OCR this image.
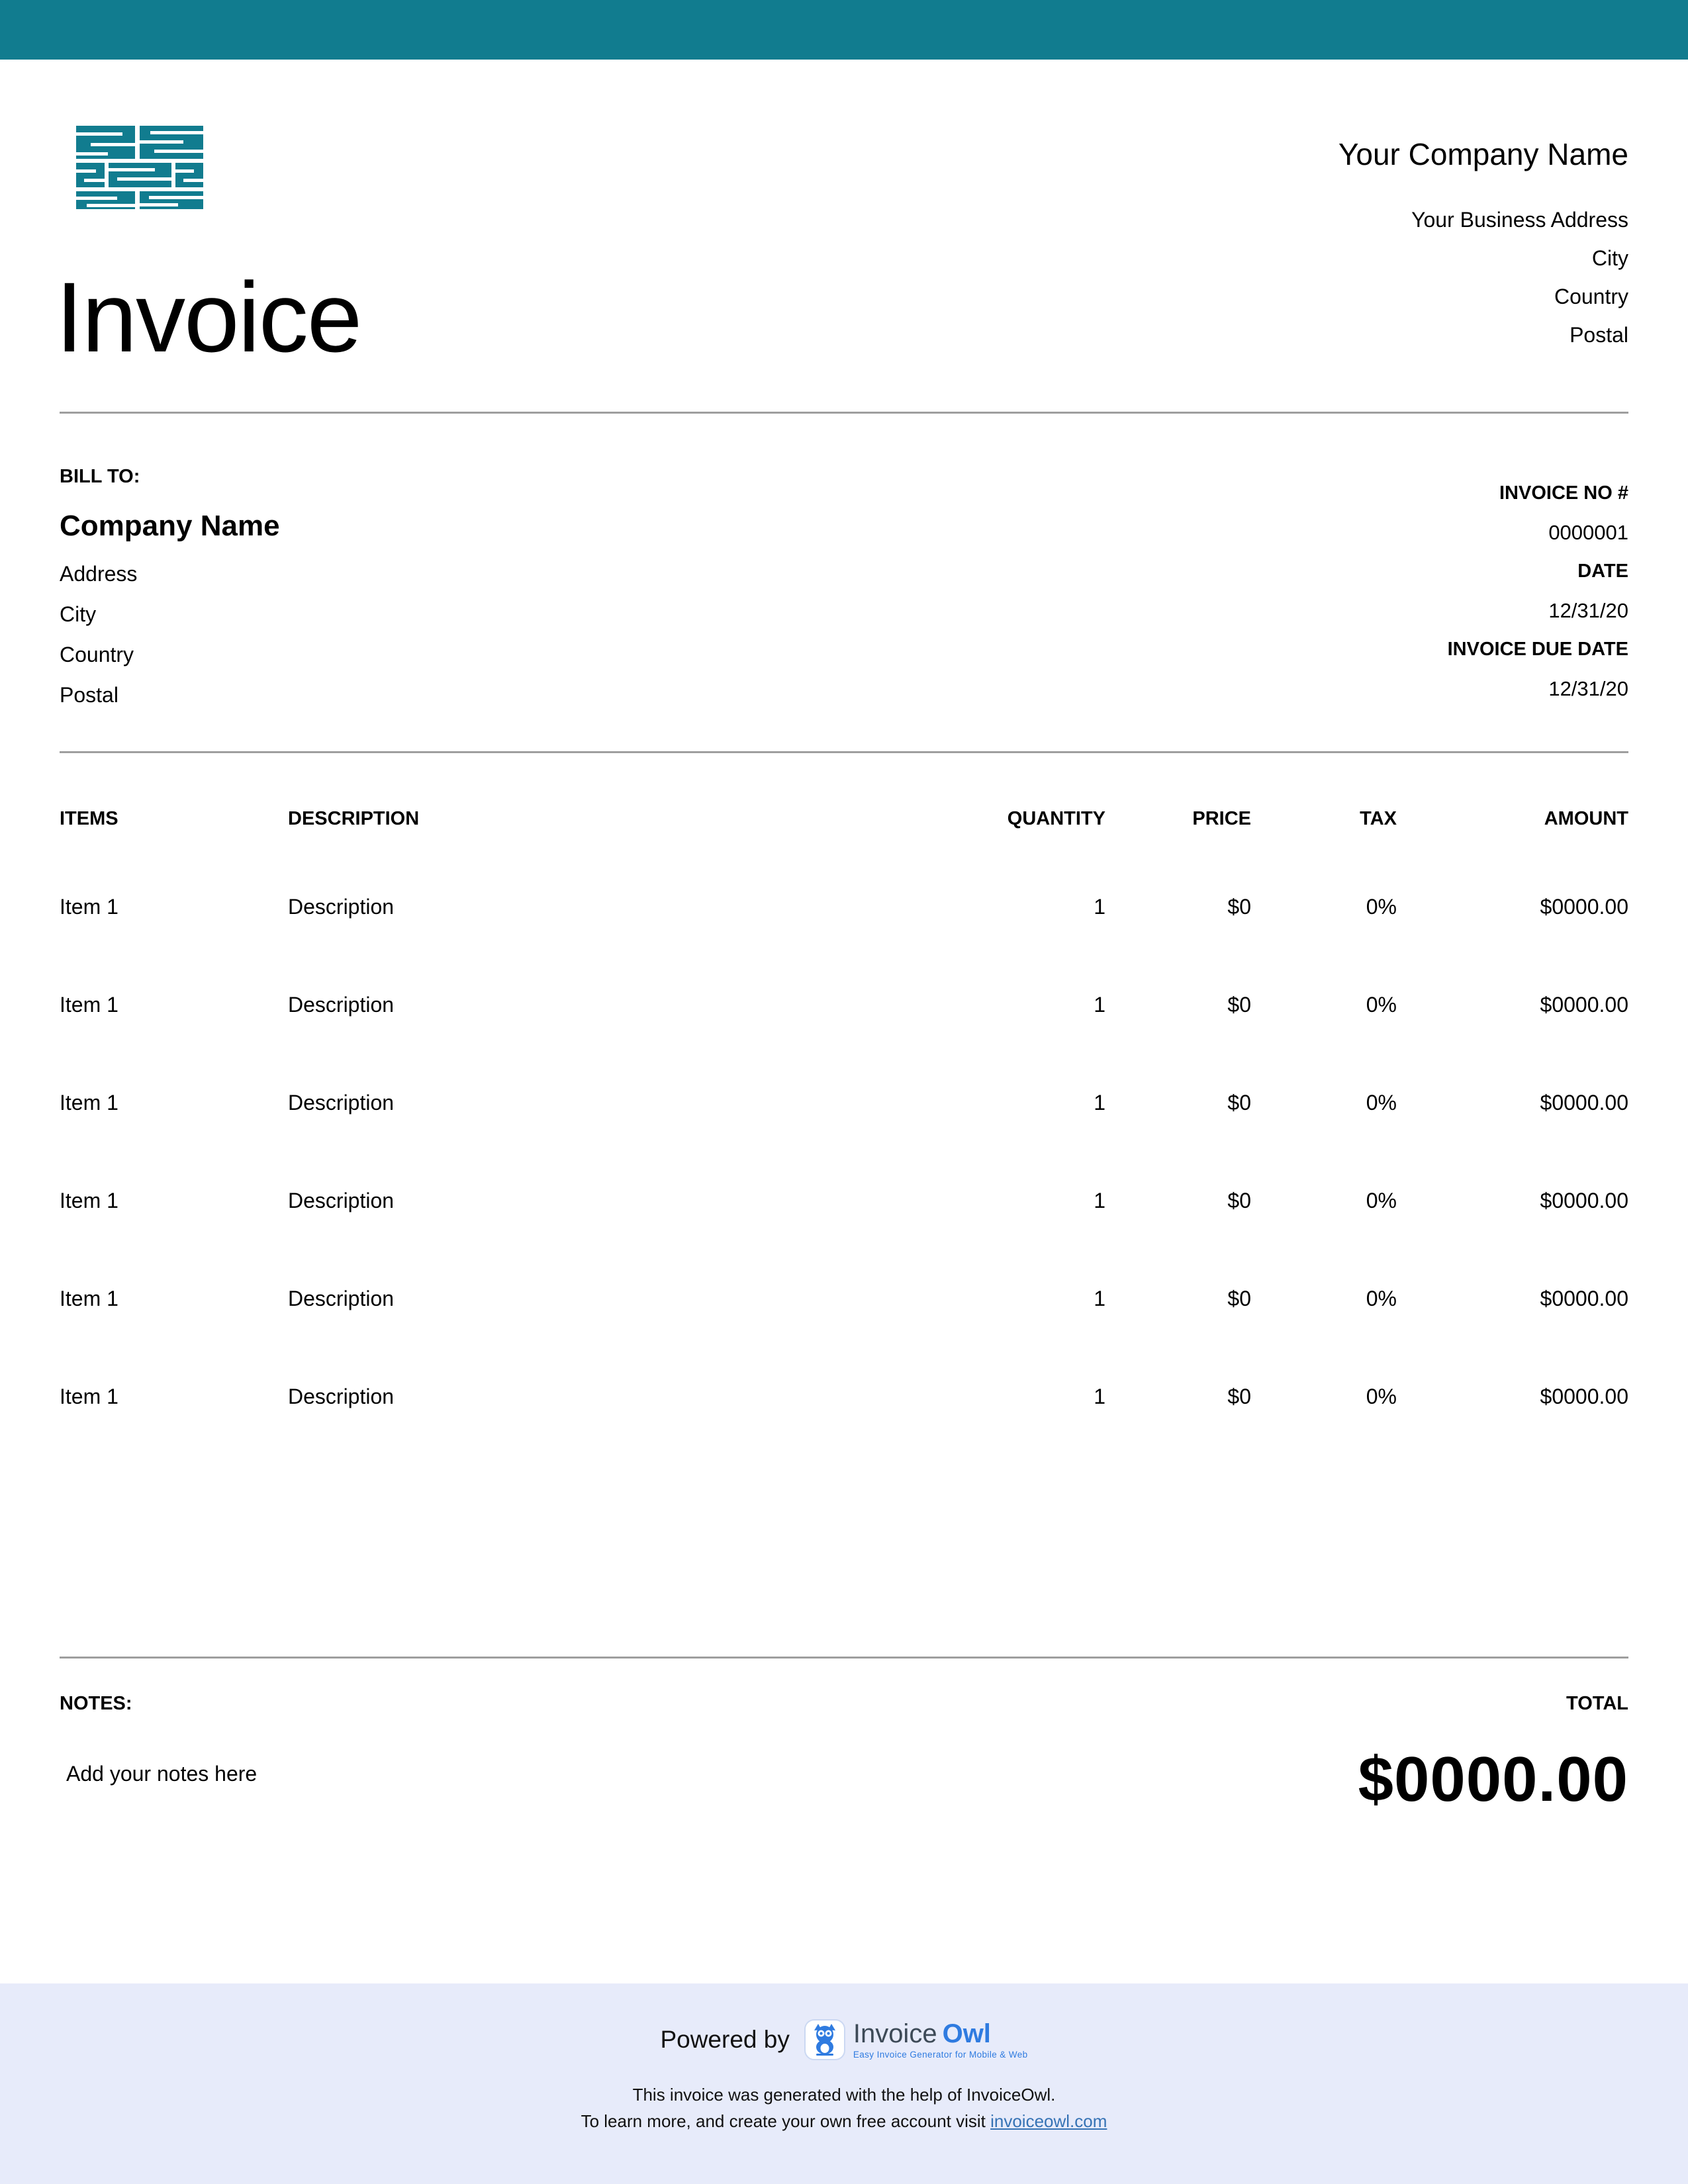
Invoice
Your Company Name
Your Business Address
City
Country
Postal
BILL TO:
Company Name
Address
City
Country
Postal
INVOICE NO #
0000001
DATE
12/31/20
INVOICE DUE DATE
12/31/20
ITEMS	DESCRIPTION	QUANTITY	PRICE	TAX	AMOUNT
Item 1	Description	1	$0	0%	$0000.00
Item 1	Description	1	$0	0%	$0000.00
Item 1	Description	1	$0	0%	$0000.00
Item 1	Description	1	$0	0%	$0000.00
Item 1	Description	1	$0	0%	$0000.00
Item 1	Description	1	$0	0%	$0000.00
NOTES:
Add your notes here
TOTAL
$0000.00
Powered by Invoice Owl
Easy Invoice Generator for Mobile & Web
This invoice was generated with the help of InvoiceOwl.
To learn more, and create your own free account visit invoiceowl.com
